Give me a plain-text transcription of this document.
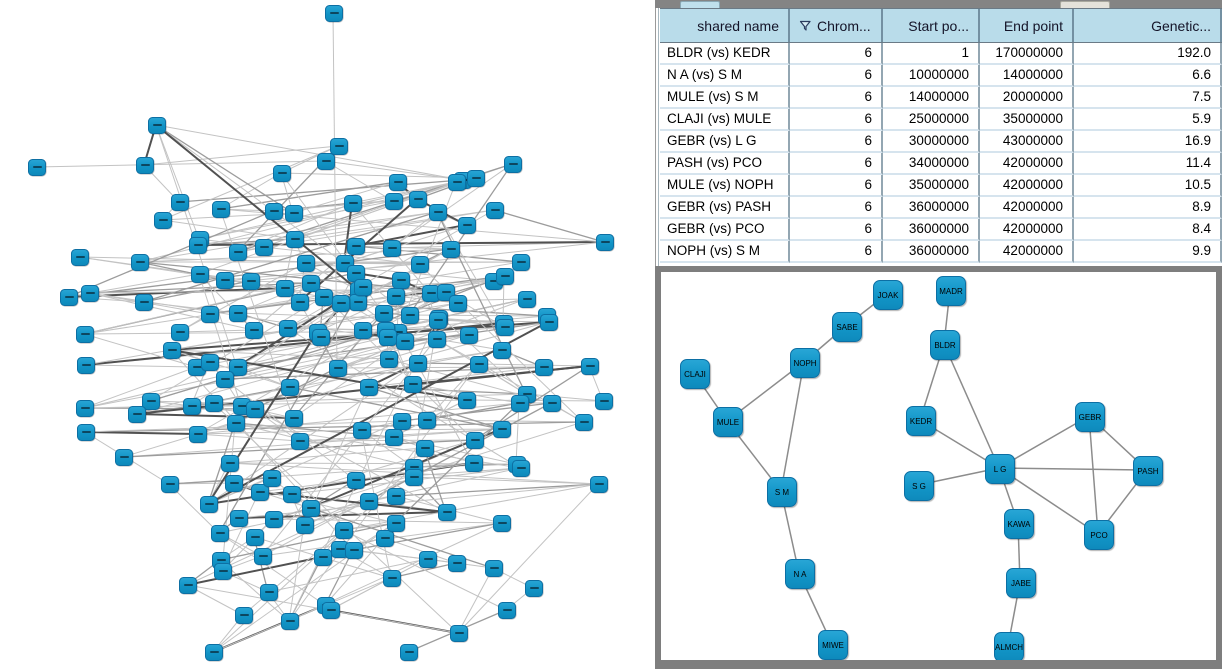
shared name	Chrom...	Start po...	End point	Genetic...
BLDR (vs) KEDR	6	1	170000000	192.0
N A (vs) S M	6	10000000	14000000	6.6
MULE (vs) S M	6	14000000	20000000	7.5
CLAJI (vs) MULE	6	25000000	35000000	5.9
GEBR (vs) L G	6	30000000	43000000	16.9
PASH (vs) PCO	6	34000000	42000000	11.4
MULE (vs) NOPH	6	35000000	42000000	10.5
GEBR (vs) PASH	6	36000000	42000000	8.9
GEBR (vs) PCO	6	36000000	42000000	8.4
NOPH (vs) S M	6	36000000	42000000	9.9
JOAK	MADR
SABE
BLDR
NOPH
CLAJI
MULE	KEDR	GEBR
L G	PASH
S G
S M
KAWA
PCO
N A
JABE
MIWE	ALMCH
